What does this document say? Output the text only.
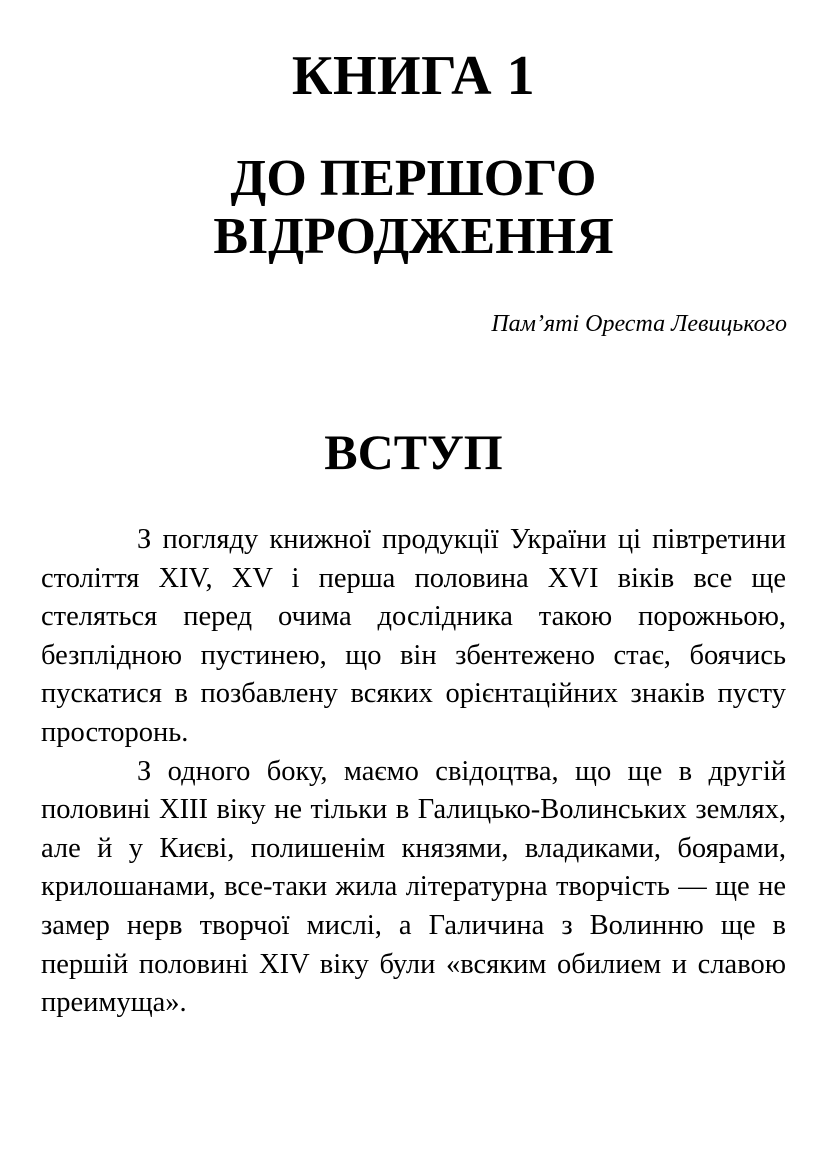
КНИГА 1
ДО ПЕРШОГО
ВІДРОДЖЕННЯ

Пам’яті Ореста Левицького

ВСТУП

З погляду книжної продукції України ці півтретини століття XIV, XV і перша половина XVI віків все ще стеляться перед очима дослідника такою порожньою, безплідною пустинею, що він збентежено стає, боячись пускатися в позбавлену всяких орієнтаційних знаків пусту просторонь.

З одного боку, маємо свідоцтва, що ще в другій половині XIII віку не тільки в Галицько-Волинських землях, але й у Києві, полишенім князями, владиками, боярами, крилошанами, все-таки жила літературна творчість — ще не замер нерв творчої мислі, а Галичина з Волинню ще в першій половині XIV віку були «всяким обилием и славою преимуща».
